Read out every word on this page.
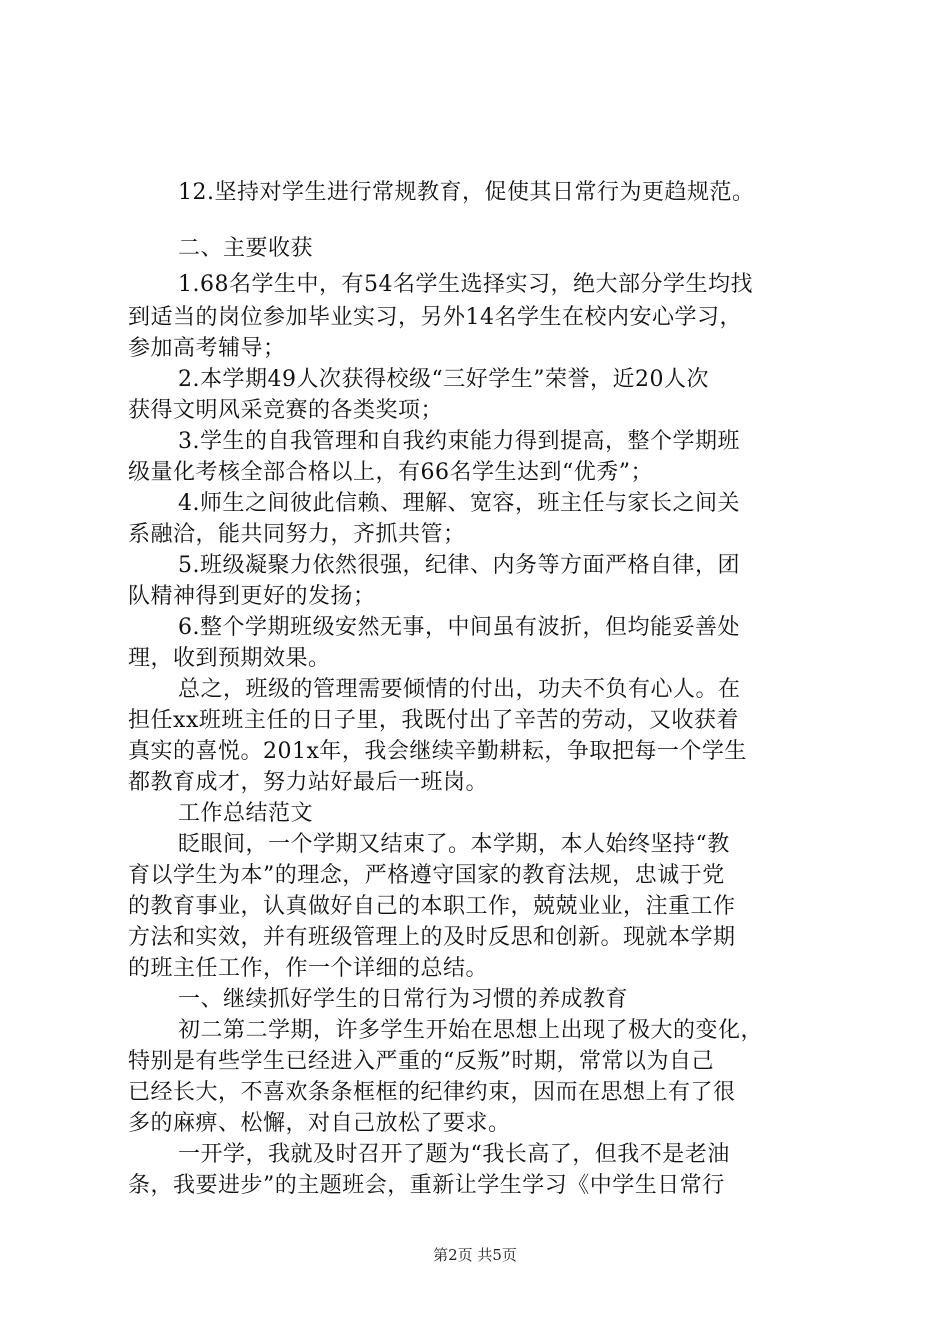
12.坚持对学生进行常规教育，促使其日常行为更趋规范。
二、主要收获
1.68名学生中，有54名学生选择实习，绝大部分学生均找
到适当的岗位参加毕业实习，另外14名学生在校内安心学习，
参加高考辅导；
2.本学期49人次获得校级“三好学生”荣誉，近20人次
获得文明风采竞赛的各类奖项；
3.学生的自我管理和自我约束能力得到提高，整个学期班
级量化考核全部合格以上，有66名学生达到“优秀”；
4.师生之间彼此信赖、理解、宽容，班主任与家长之间关
系融洽，能共同努力，齐抓共管；
5.班级凝聚力依然很强，纪律、内务等方面严格自律，团
队精神得到更好的发扬；
6.整个学期班级安然无事，中间虽有波折，但均能妥善处
理，收到预期效果。
总之，班级的管理需要倾情的付出，功夫不负有心人。在
担任xx班班主任的日子里，我既付出了辛苦的劳动，又收获着
真实的喜悦。201x年，我会继续辛勤耕耘，争取把每一个学生
都教育成才，努力站好最后一班岗。
工作总结范文
眨眼间，一个学期又结束了。本学期，本人始终坚持“教
育以学生为本”的理念，严格遵守国家的教育法规，忠诚于党
的教育事业，认真做好自己的本职工作，兢兢业业，注重工作
方法和实效，并有班级管理上的及时反思和创新。现就本学期
的班主任工作，作一个详细的总结。
一、继续抓好学生的日常行为习惯的养成教育
初二第二学期，许多学生开始在思想上出现了极大的变化，
特别是有些学生已经进入严重的“反叛”时期，常常以为自己
已经长大，不喜欢条条框框的纪律约束，因而在思想上有了很
多的麻痹、松懈，对自己放松了要求。
一开学，我就及时召开了题为“我长高了，但我不是老油
条，我要进步”的主题班会，重新让学生学习《中学生日常行
第2页 共5页
